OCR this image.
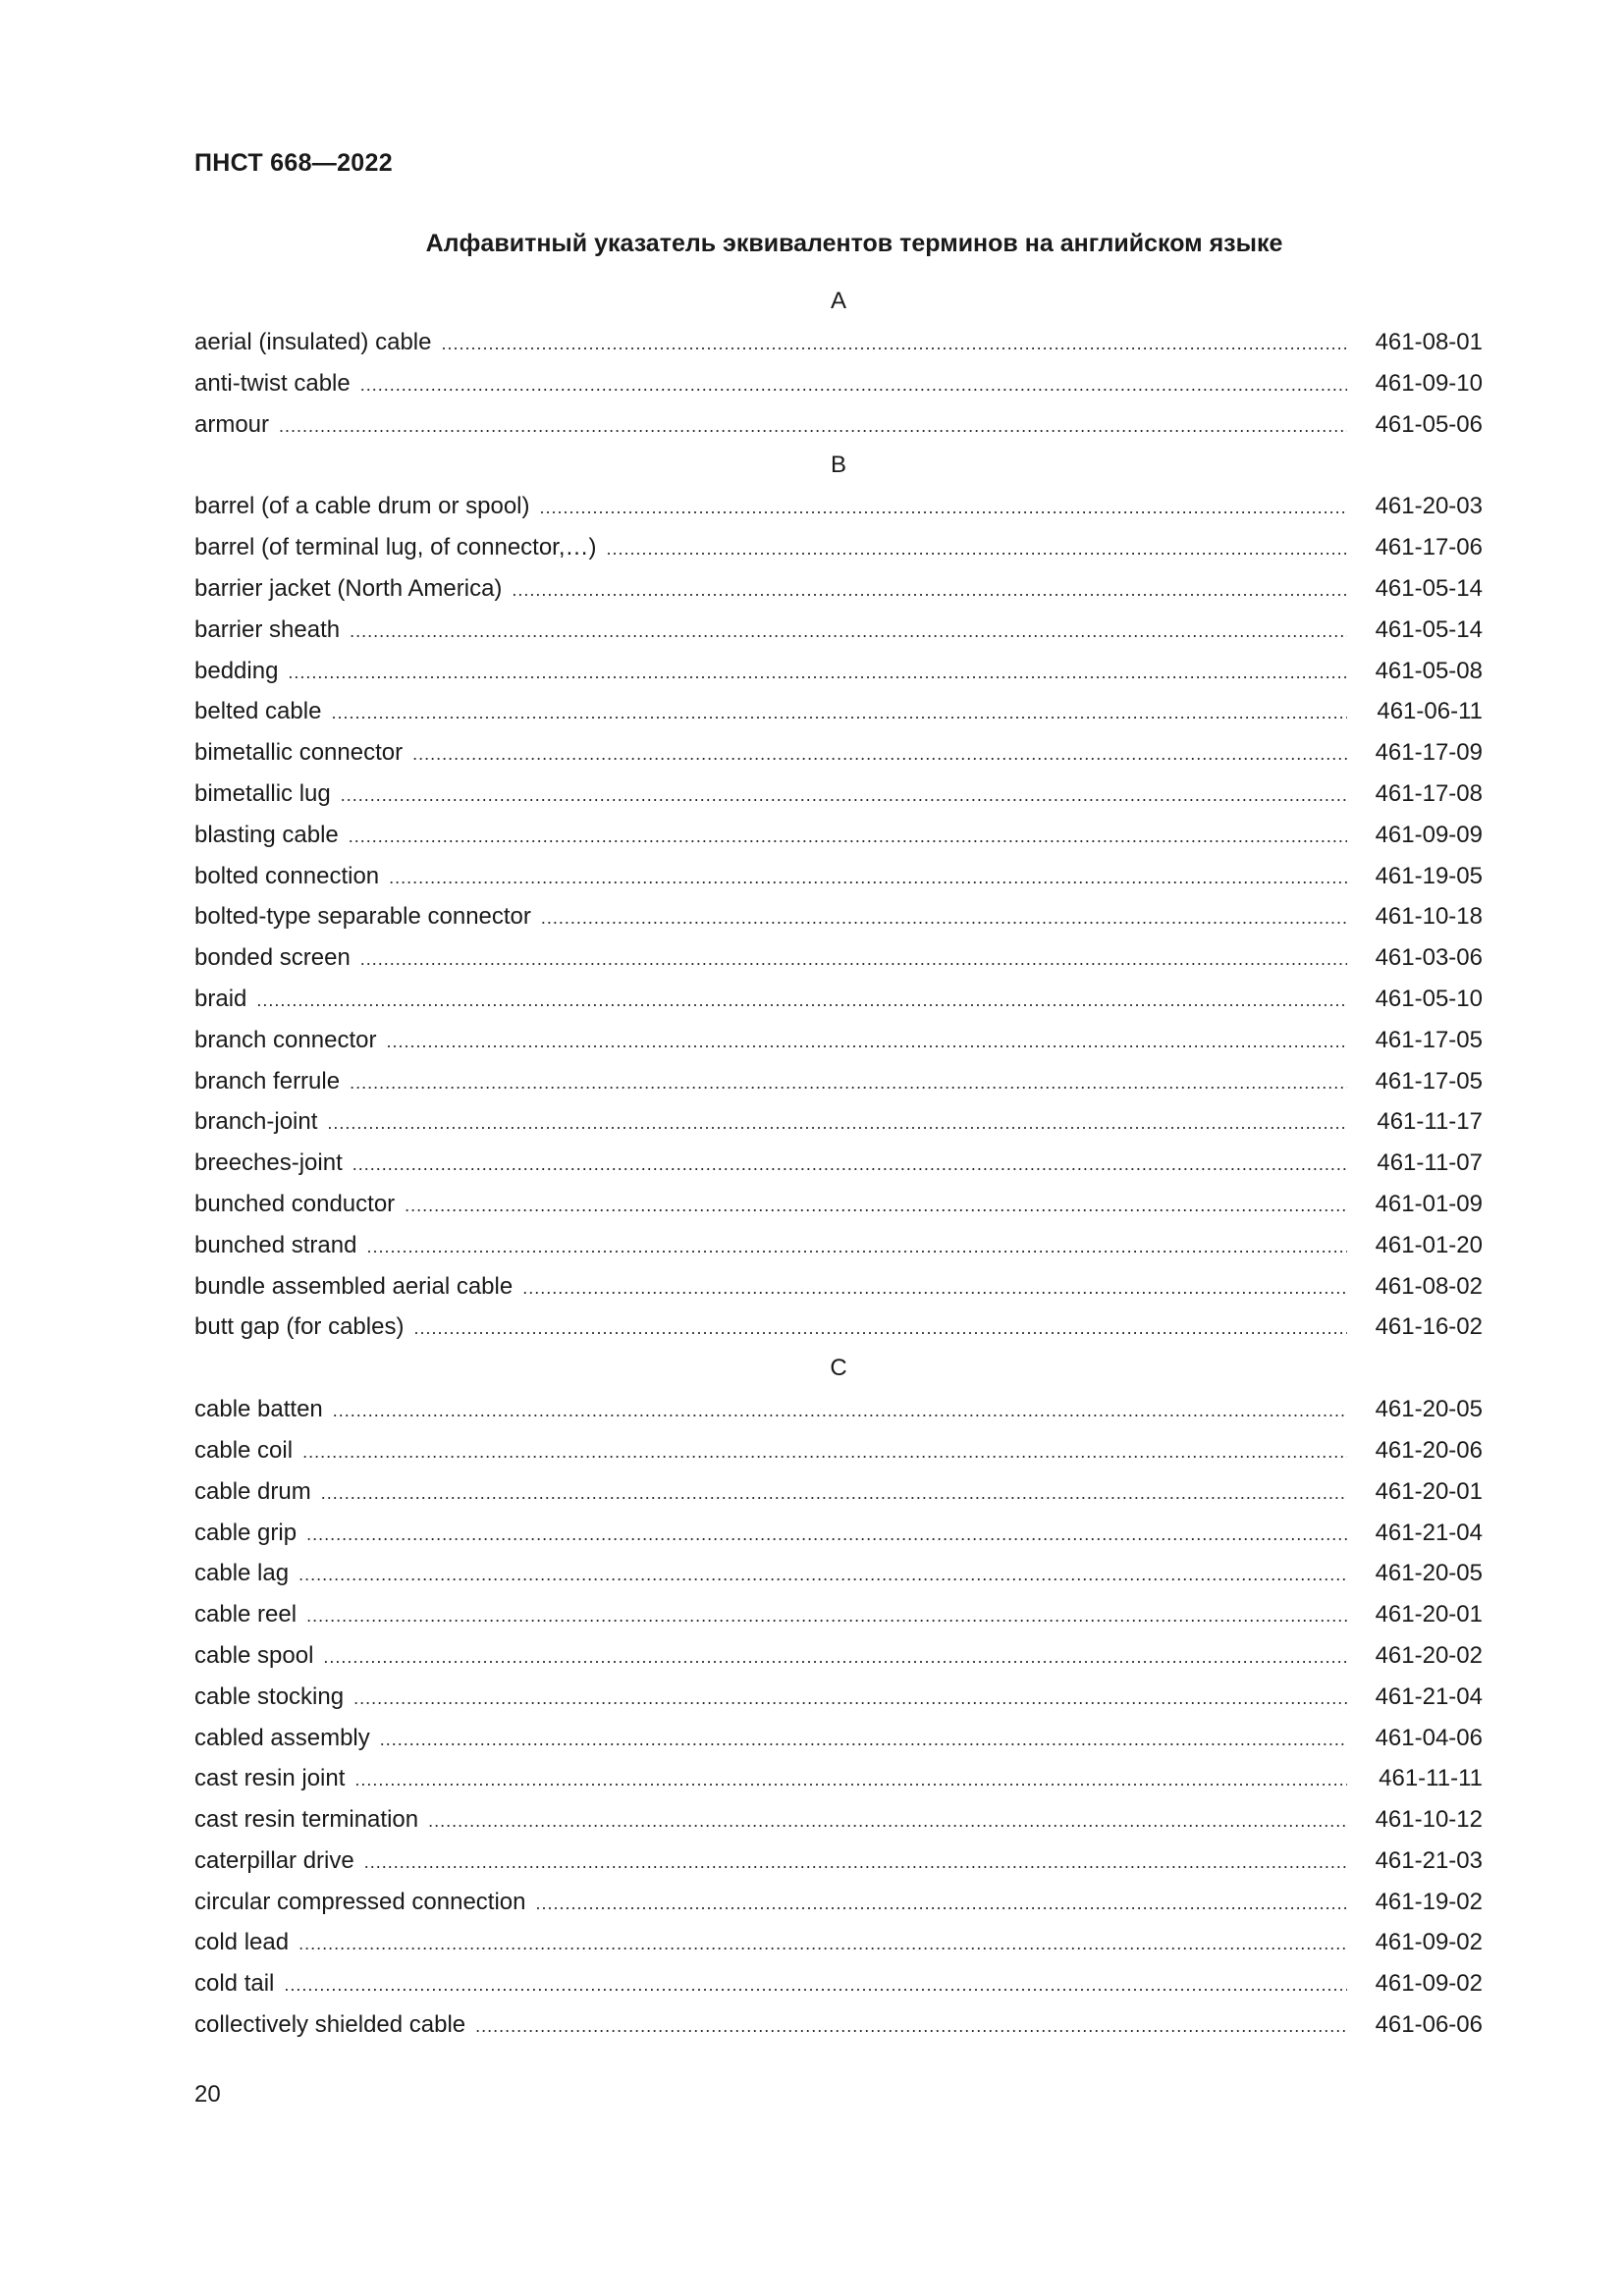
ПНСТ 668—2022
Алфавитный указатель эквивалентов терминов на английском языке
A
aerial (insulated) cable .....	461-08-01
anti-twist cable .....	461-09-10
armour .....	461-05-06
B
barrel (of a cable drum or spool) .....	461-20-03
barrel (of terminal lug, of connector,…) .....	461-17-06
barrier jacket (North America) .....	461-05-14
barrier sheath .....	461-05-14
bedding .....	461-05-08
belted cable .....	461-06-11
bimetallic connector .....	461-17-09
bimetallic lug .....	461-17-08
blasting cable .....	461-09-09
bolted connection .....	461-19-05
bolted-type separable connector .....	461-10-18
bonded screen .....	461-03-06
braid .....	461-05-10
branch connector .....	461-17-05
branch ferrule .....	461-17-05
branch-joint .....	461-11-17
breeches-joint .....	461-11-07
bunched conductor .....	461-01-09
bunched strand .....	461-01-20
bundle assembled aerial cable .....	461-08-02
butt gap (for cables) .....	461-16-02
C
cable batten .....	461-20-05
cable coil .....	461-20-06
cable drum .....	461-20-01
cable grip .....	461-21-04
cable lag .....	461-20-05
cable reel .....	461-20-01
cable spool .....	461-20-02
cable stocking .....	461-21-04
cabled assembly .....	461-04-06
cast resin joint .....	461-11-11
cast resin termination .....	461-10-12
caterpillar drive .....	461-21-03
circular compressed connection .....	461-19-02
cold lead .....	461-09-02
cold tail .....	461-09-02
collectively shielded cable .....	461-06-06
20
